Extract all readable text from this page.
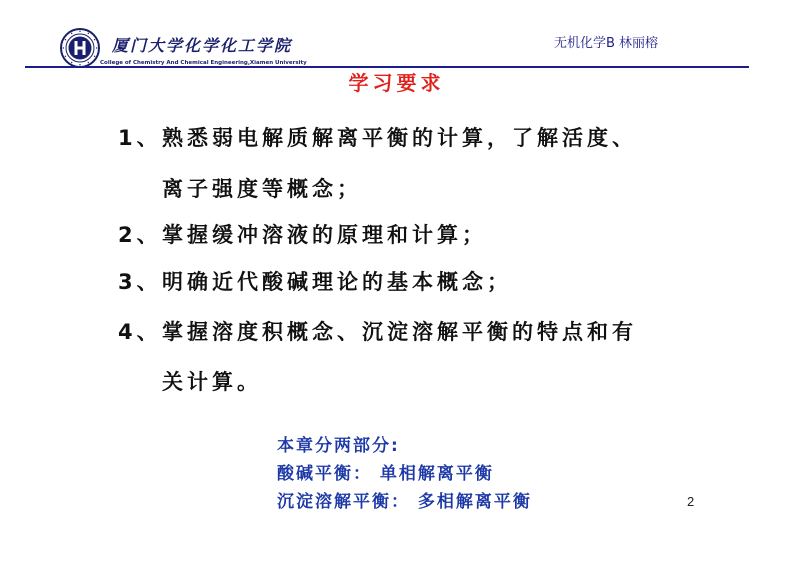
厦门大学化学化工学院
College of Chemistry And Chemical Engineering,Xiamen University
无机化学B 林丽榕
学习要求
1、熟悉弱电解质解离平衡的计算，了解活度、
离子强度等概念；
2、掌握缓冲溶液的原理和计算；
3、明确近代酸碱理论的基本概念；
4、掌握溶度积概念、沉淀溶解平衡的特点和有
关计算。
本章分两部分:
酸碱平衡： 单相解离平衡
沉淀溶解平衡： 多相解离平衡	2
